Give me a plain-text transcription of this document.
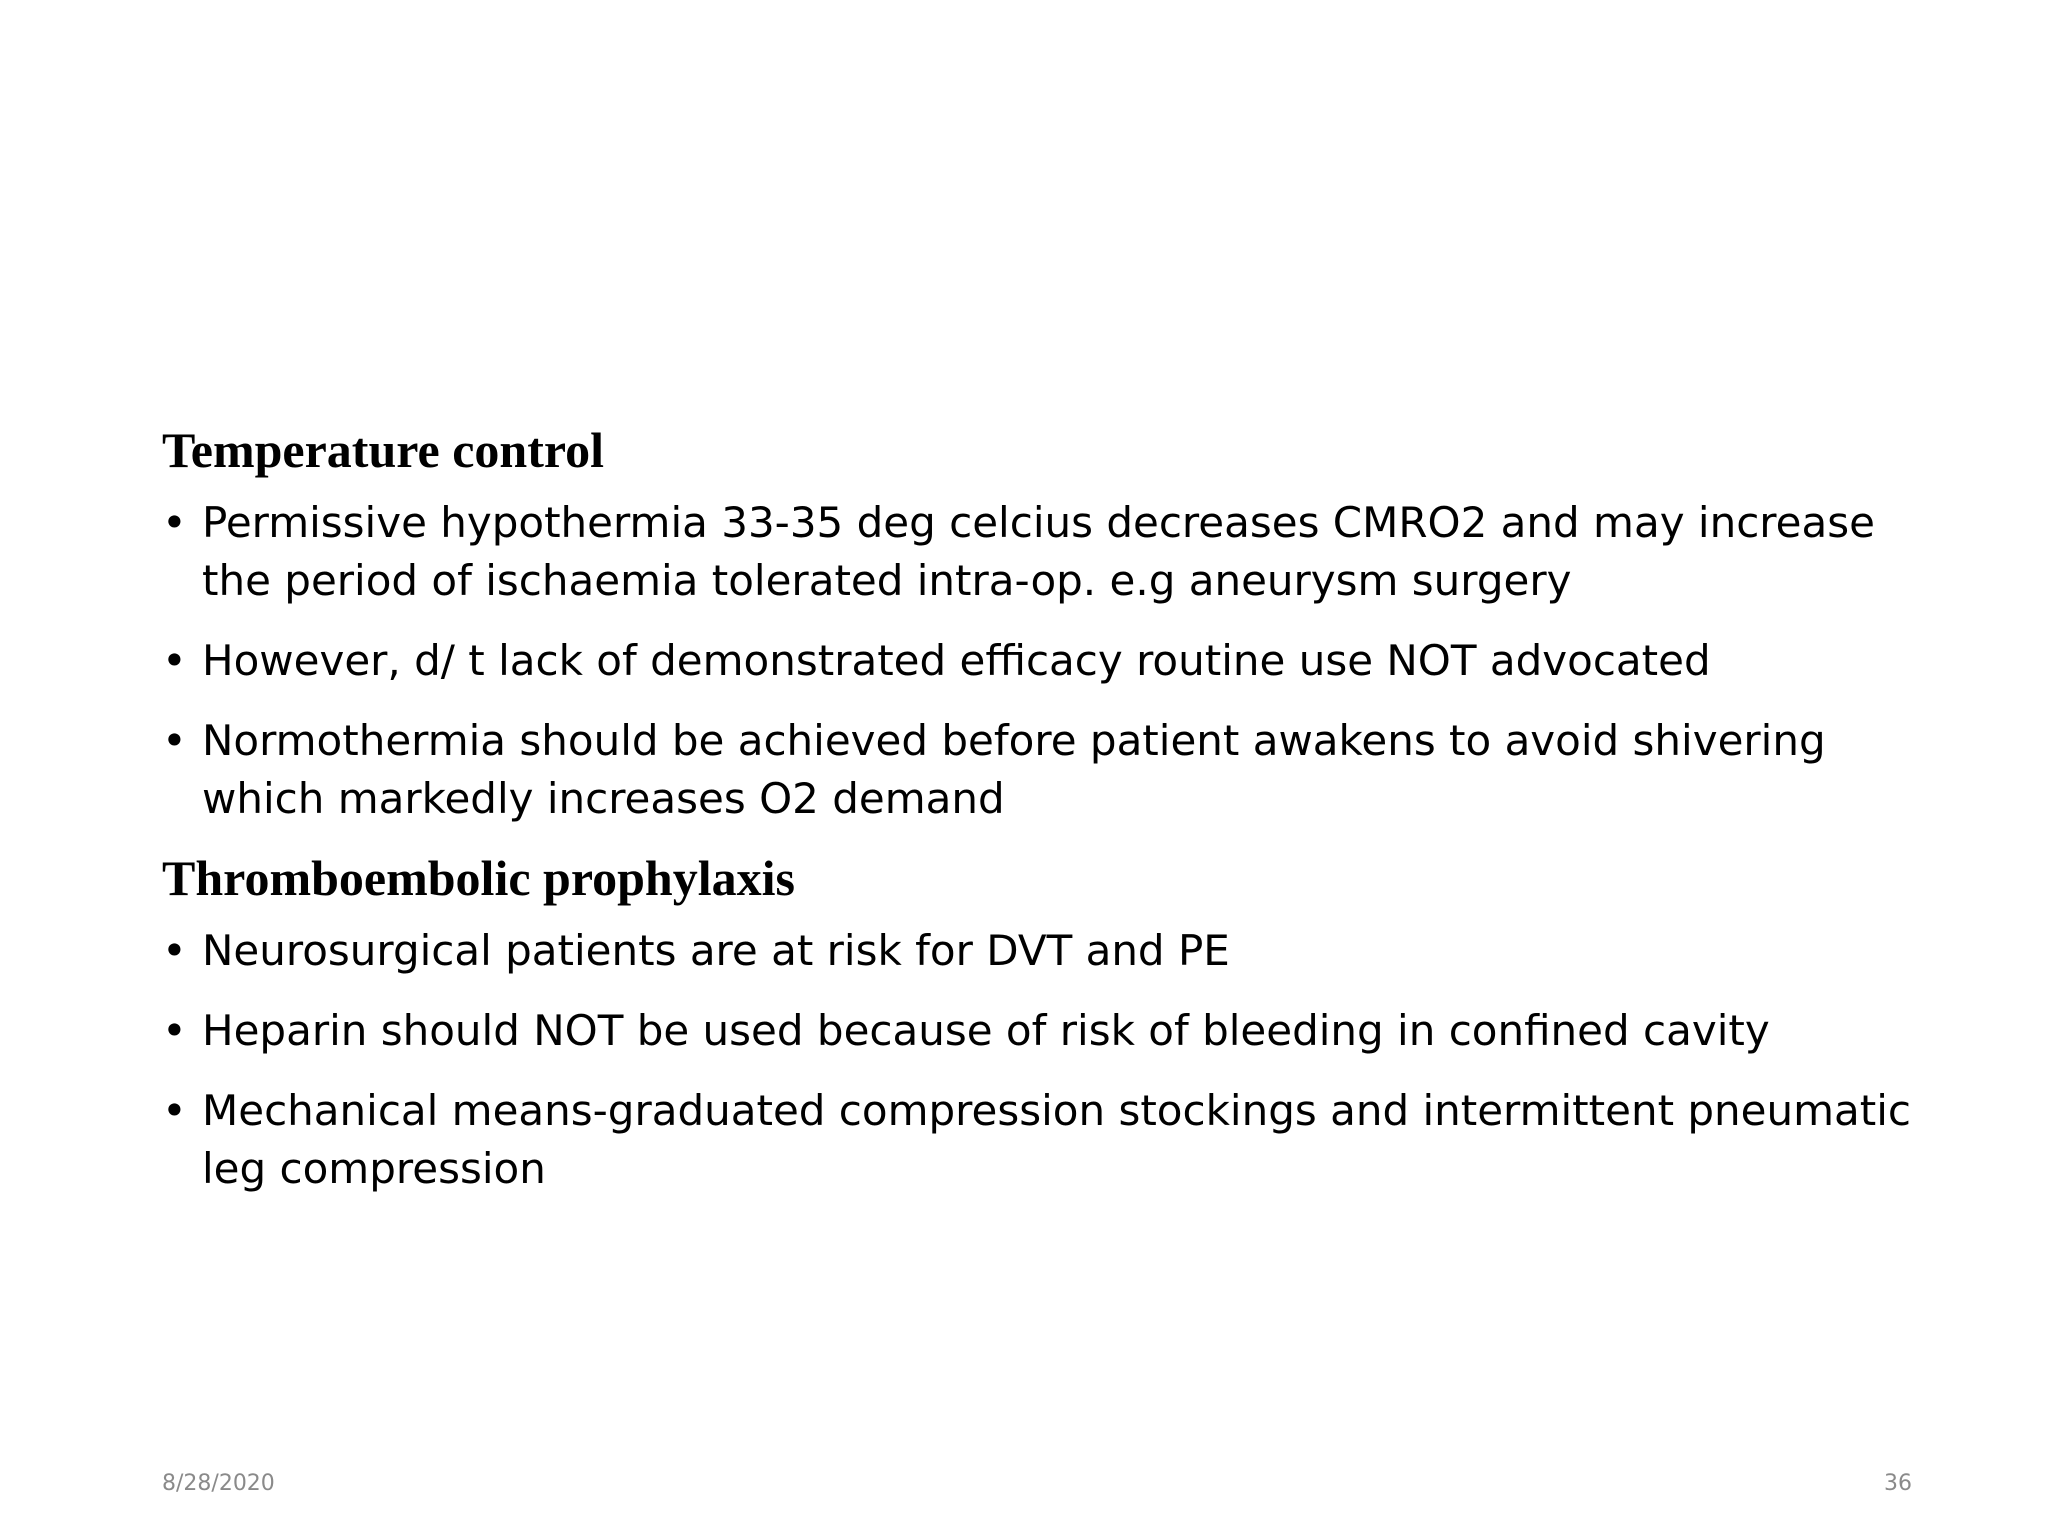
Temperature control
• Permissive hypothermia 33-35 deg celcius decreases CMRO2 and may increase the period of ischaemia tolerated intra-op. e.g aneurysm surgery
• However, d/ t lack of demonstrated efficacy routine use NOT advocated
• Normothermia should be achieved before patient awakens to avoid shivering which markedly increases O2 demand
Thromboembolic prophylaxis
• Neurosurgical patients are at risk for DVT and PE
• Heparin should NOT be used because of risk of bleeding in confined cavity
• Mechanical means-graduated compression stockings and intermittent pneumatic leg compression
8/28/2020	36
